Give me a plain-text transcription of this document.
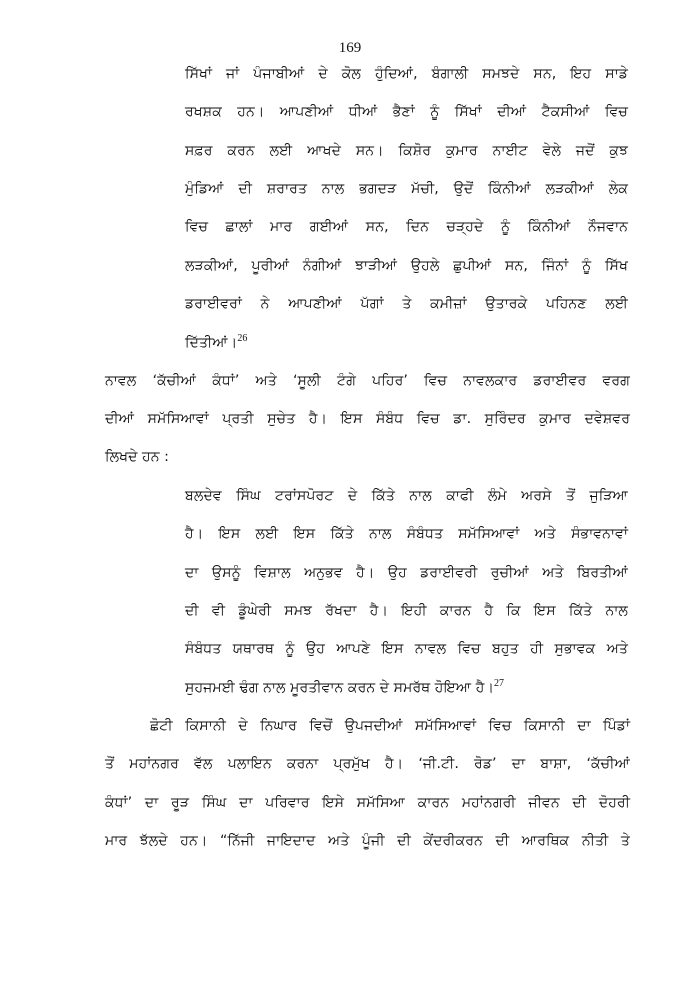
169
ਸਿੱਖਾਂ ਜਾਂ ਪੰਜਾਬੀਆਂ ਦੇ ਕੋਲ ਹੁੰਦਿਆਂ, ਬੰਗਾਲੀ ਸਮਝਦੇ ਸਨ, ਇਹ ਸਾਡੇ
ਰਖਸ਼ਕ ਹਨ। ਆਪਣੀਆਂ ਧੀਆਂ ਭੈਣਾਂ ਨੂੰ ਸਿੱਖਾਂ ਦੀਆਂ ਟੈਕਸੀਆਂ ਵਿਚ
ਸਫ਼ਰ ਕਰਨ ਲਈ ਆਖਦੇ ਸਨ। ਕਿਸ਼ੋਰ ਕੁਮਾਰ ਨਾਈਟ ਵੇਲੇ ਜਦੋਂ ਕੁਝ
ਮੁੰਡਿਆਂ ਦੀ ਸ਼ਰਾਰਤ ਨਾਲ ਭਗਦੜ ਮੱਚੀ, ਉਦੋਂ ਕਿੰਨੀਆਂ ਲੜਕੀਆਂ ਲੇਕ
ਵਿਚ ਛਾਲਾਂ ਮਾਰ ਗਈਆਂ ਸਨ, ਦਿਨ ਚੜ੍ਹਦੇ ਨੂੰ ਕਿੰਨੀਆਂ ਨੌਜਵਾਨ
ਲੜਕੀਆਂ, ਪੂਰੀਆਂ ਨੰਗੀਆਂ ਝਾੜੀਆਂ ਉਹਲੇ ਛੁਪੀਆਂ ਸਨ, ਜਿੰਨਾਂ ਨੂੰ ਸਿੱਖ
ਡਰਾਈਵਰਾਂ ਨੇ ਆਪਣੀਆਂ ਪੱਗਾਂ ਤੇ ਕਮੀਜ਼ਾਂ ਉਤਾਰਕੇ ਪਹਿਨਣ ਲਈ
ਦਿੱਤੀਆਂ।$^{26}$
ਨਾਵਲ ‘ਕੱਚੀਆਂ ਕੰਧਾਂ’ ਅਤੇ ‘ਸੂਲੀ ਟੰਗੇ ਪਹਿਰ’ ਵਿਚ ਨਾਵਲਕਾਰ ਡਰਾਈਵਰ ਵਰਗ
ਦੀਆਂ ਸਮੱਸਿਆਵਾਂ ਪ੍ਰਤੀ ਸੁਚੇਤ ਹੈ। ਇਸ ਸੰਬੰਧ ਵਿਚ ਡਾ. ਸੁਰਿੰਦਰ ਕੁਮਾਰ ਦਵੇਸ਼ਵਰ
ਲਿਖਦੇ ਹਨ :
ਬਲਦੇਵ ਸਿੰਘ ਟਰਾਂਸਪੋਰਟ ਦੇ ਕਿੱਤੇ ਨਾਲ ਕਾਫੀ ਲੰਮੇ ਅਰਸੇ ਤੋਂ ਜੁੜਿਆ
ਹੈ। ਇਸ ਲਈ ਇਸ ਕਿੱਤੇ ਨਾਲ ਸੰਬੰਧਤ ਸਮੱਸਿਆਵਾਂ ਅਤੇ ਸੰਭਾਵਨਾਵਾਂ
ਦਾ ਉਸਨੂੰ ਵਿਸ਼ਾਲ ਅਨੁਭਵ ਹੈ। ਉਹ ਡਰਾਈਵਰੀ ਰੁਚੀਆਂ ਅਤੇ ਬਿਰਤੀਆਂ
ਦੀ ਵੀ ਡੂੰਘੇਰੀ ਸਮਝ ਰੱਖਦਾ ਹੈ। ਇਹੀ ਕਾਰਨ ਹੈ ਕਿ ਇਸ ਕਿੱਤੇ ਨਾਲ
ਸੰਬੰਧਤ ਯਥਾਰਥ ਨੂੰ ਉਹ ਆਪਣੇ ਇਸ ਨਾਵਲ ਵਿਚ ਬਹੁਤ ਹੀ ਸੁਭਾਵਕ ਅਤੇ
ਸੁਹਜਮਈ ਢੰਗ ਨਾਲ ਮੂਰਤੀਵਾਨ ਕਰਨ ਦੇ ਸਮਰੱਥ ਹੋਇਆ ਹੈ।$^{27}$
ਛੋਟੀ ਕਿਸਾਨੀ ਦੇ ਨਿਘਾਰ ਵਿਚੋਂ ਉਪਜਦੀਆਂ ਸਮੱਸਿਆਵਾਂ ਵਿਚ ਕਿਸਾਨੀ ਦਾ ਪਿੰਡਾਂ
ਤੋਂ ਮਹਾਂਨਗਰ ਵੱਲ ਪਲਾਇਨ ਕਰਨਾ ਪ੍ਰਮੁੱਖ ਹੈ। ‘ਜੀ.ਟੀ. ਰੋਡ’ ਦਾ ਬਾਸ਼ਾ, ‘ਕੱਚੀਆਂ
ਕੰਧਾਂ’ ਦਾ ਰੂੜ ਸਿੰਘ ਦਾ ਪਰਿਵਾਰ ਇਸੇ ਸਮੱਸਿਆ ਕਾਰਨ ਮਹਾਂਨਗਰੀ ਜੀਵਨ ਦੀ ਦੋਹਰੀ
ਮਾਰ ਝੱਲਦੇ ਹਨ। “ਨਿੱਜੀ ਜਾਇਦਾਦ ਅਤੇ ਪੂੰਜੀ ਦੀ ਕੇਂਦਰੀਕਰਨ ਦੀ ਆਰਥਿਕ ਨੀਤੀ ਤੇ
